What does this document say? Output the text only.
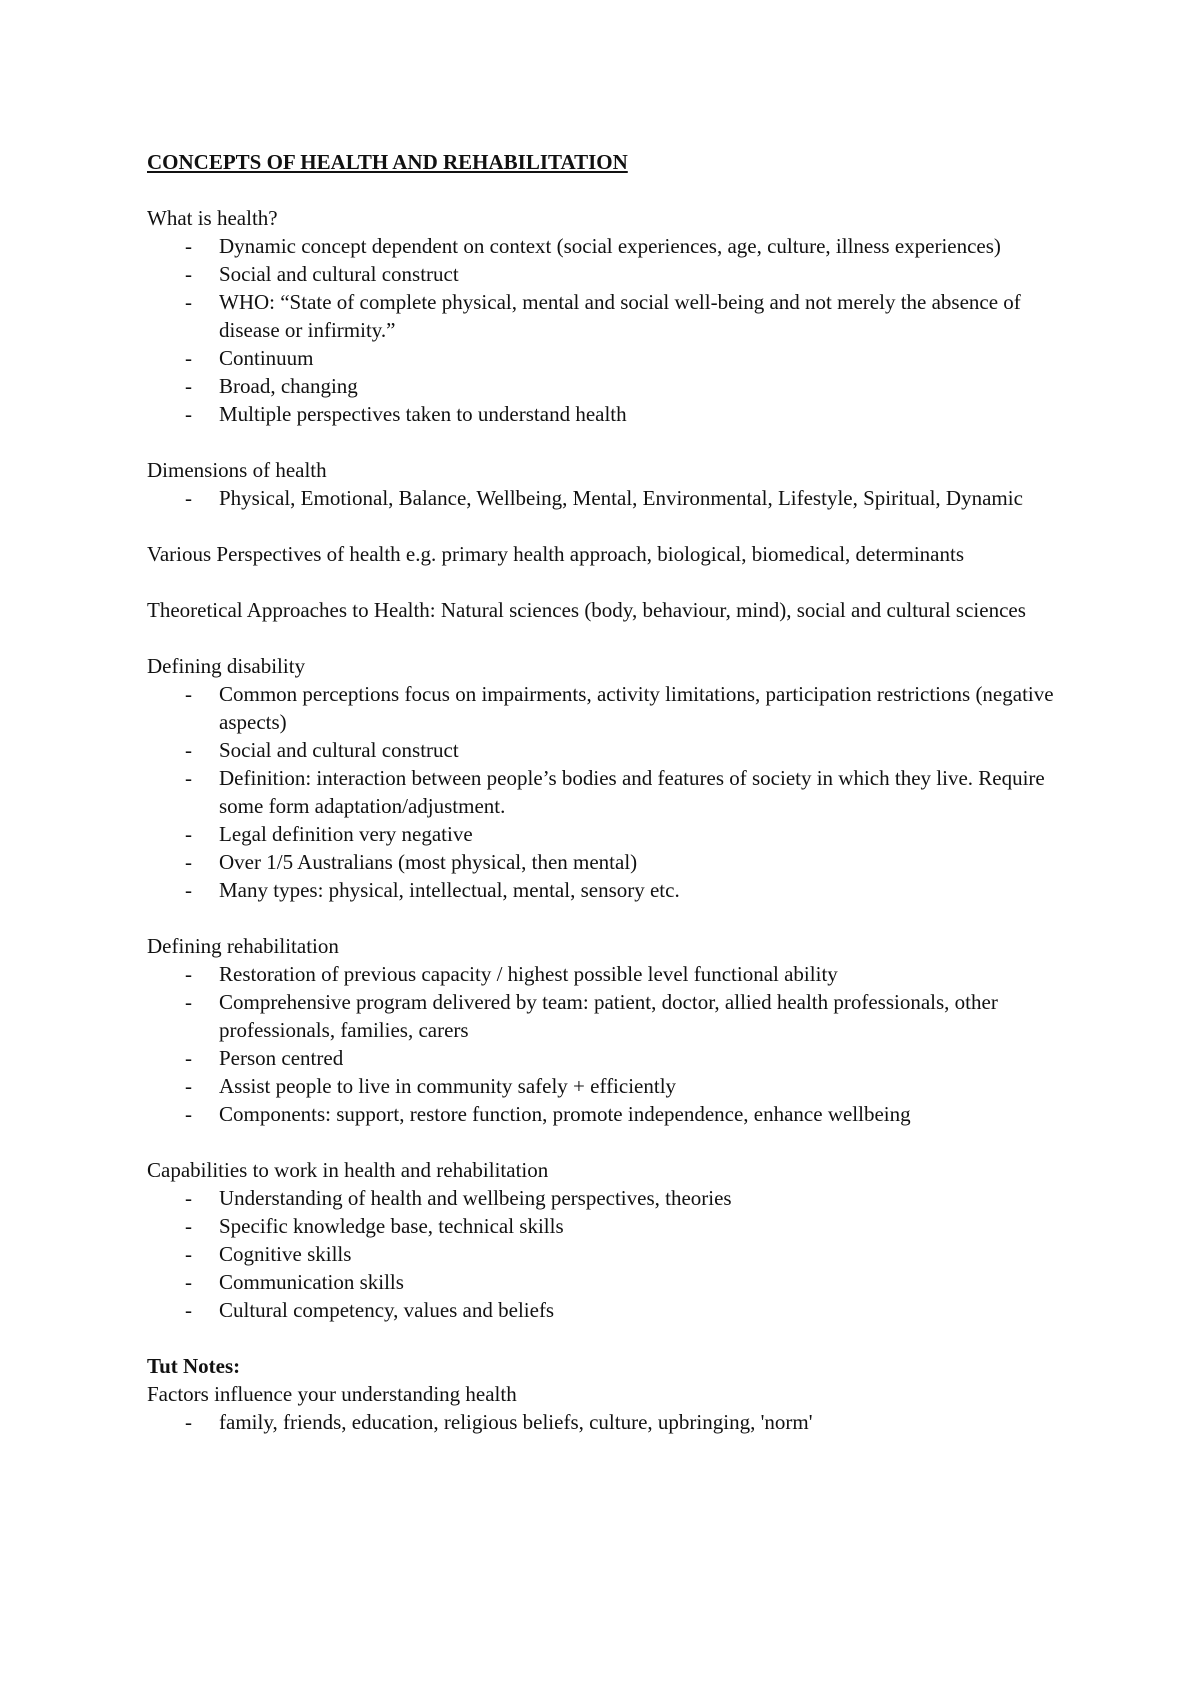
CONCEPTS OF HEALTH AND REHABILITATION

What is health?

- Dynamic concept dependent on context (social experiences, age, culture, illness experiences)
- Social and cultural construct
- WHO: “State of complete physical, mental and social well-being and not merely the absence of disease or infirmity.”
- Continuum
- Broad, changing
- Multiple perspectives taken to understand health

Dimensions of health

- Physical, Emotional, Balance, Wellbeing, Mental, Environmental, Lifestyle, Spiritual, Dynamic

Various Perspectives of health e.g. primary health approach, biological, biomedical, determinants

Theoretical Approaches to Health: Natural sciences (body, behaviour, mind), social and cultural sciences

Defining disability

- Common perceptions focus on impairments, activity limitations, participation restrictions (negative aspects)
- Social and cultural construct
- Definition: interaction between people’s bodies and features of society in which they live. Require some form adaptation/adjustment.
- Legal definition very negative
- Over 1/5 Australians (most physical, then mental)
- Many types: physical, intellectual, mental, sensory etc.

Defining rehabilitation

- Restoration of previous capacity / highest possible level functional ability
- Comprehensive program delivered by team: patient, doctor, allied health professionals, other professionals, families, carers
- Person centred
- Assist people to live in community safely + efficiently
- Components: support, restore function, promote independence, enhance wellbeing

Capabilities to work in health and rehabilitation

- Understanding of health and wellbeing perspectives, theories
- Specific knowledge base, technical skills
- Cognitive skills
- Communication skills
- Cultural competency, values and beliefs

Tut Notes:

Factors influence your understanding health

- family, friends, education, religious beliefs, culture, upbringing, 'norm'
